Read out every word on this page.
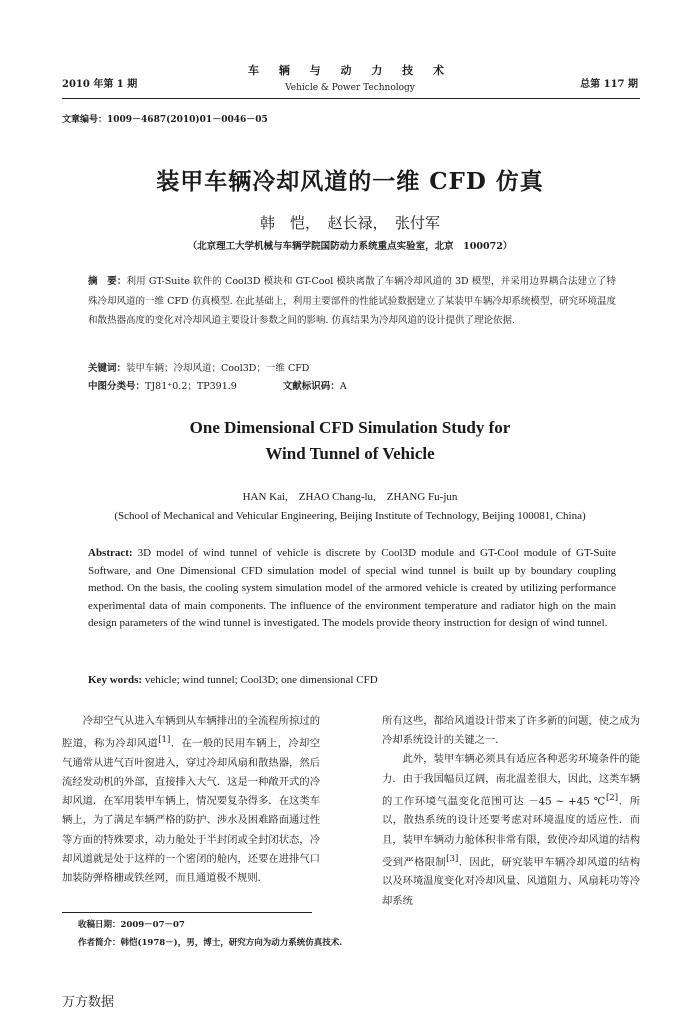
2010 年第 1 期
车 辆 与 动 力 技 术
Vehicle & Power Technology	总第 117 期
文章编号：1009－4687(2010)01－0046－05
装甲车辆冷却风道的一维 CFD 仿真
韩　恺，　赵长禄，　张付军
（北京理工大学机械与车辆学院国防动力系统重点实验室，北京　100072）
摘　要：利用 GT-Suite 软件的 Cool3D 模块和 GT-Cool 模块离散了车辆冷却风道的 3D 模型，并采用边界耦合法建立了特殊冷却风道的一维 CFD 仿真模型. 在此基础上，利用主要部件的性能试验数据建立了某装甲车辆冷却系统模型，研究环境温度和散热器高度的变化对冷却风道主要设计参数之间的影响. 仿真结果为冷却风道的设计提供了理论依据.
关键词：装甲车辆；冷却风道；Cool3D；一维 CFD
中图分类号：TJ81⁺0.2；TP391.9	文献标识码：A
One Dimensional CFD Simulation Study for
Wind Tunnel of Vehicle
HAN Kai,　ZHAO Chang-lu,　ZHANG Fu-jun
(School of Mechanical and Vehicular Engineering, Beijing Institute of Technology, Beijing 100081, China)
Abstract: 3D model of wind tunnel of vehicle is discrete by Cool3D module and GT-Cool module of GT-Suite Software, and One Dimensional CFD simulation model of special wind tunnel is built up by boundary coupling method. On the basis, the cooling system simulation model of the armored vehicle is created by utilizing performance experimental data of main components. The influence of the environment temperature and radiator high on the main design parameters of the wind tunnel is investigated. The models provide theory instruction for design of wind tunnel.
Key words: vehicle; wind tunnel; Cool3D; one dimensional CFD

冷却空气从进入车辆到从车辆排出的全流程所掠过的腔道，称为冷却风道[1]．在一般的民用车辆上，冷却空气通常从进气百叶窗进入，穿过冷却风扇和散热器，然后流经发动机的外部，直接排入大气．这是一种敞开式的冷却风道．在军用装甲车辆上，情况要复杂得多．在这类车辆上，为了满足车辆严格的防护、涉水及困难路面通过性等方面的特殊要求，动力舱处于半封闭或全封闭状态，冷却风道就是处于这样的一个密闭的舱内，还要在进排气口加装防弹格栅或铁丝网，而且通道极不规则．

所有这些，都给风道设计带来了许多新的问题，使之成为冷却系统设计的关键之一．

此外，装甲车辆必须具有适应各种恶劣环境条件的能力．由于我国幅员辽阔，南北温差很大，因此，这类车辆的工作环境气温变化范围可达 －45 ~ +45 ℃[2]．所以，散热系统的设计还要考虑对环境温度的适应性．而且，装甲车辆动力舱体积非常有限，致使冷却风道的结构受到严格限制[3]．因此，研究装甲车辆冷却风道的结构以及环境温度变化对冷却风量、风道阻力、风扇耗功等冷却系统

收稿日期：2009－07－07
作者简介：韩恺(1978－)，男，博士，研究方向为动力系统仿真技术.
万方数据
